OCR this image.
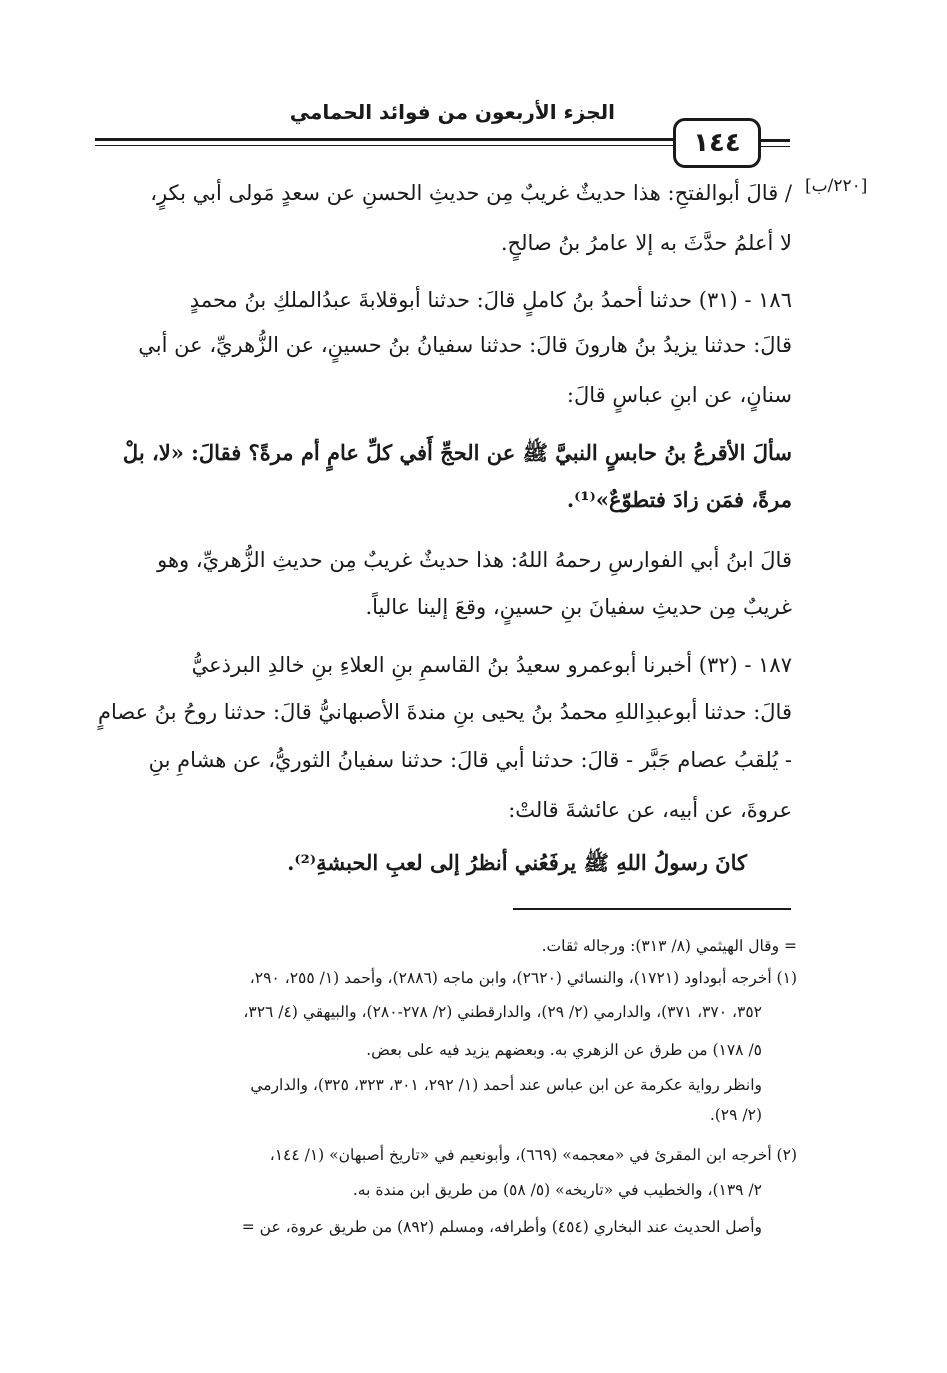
الجزء الأربعون من فوائد الحمامي
١٤٤
[٢٢٠/ب]
/ قالَ أبوالفتحِ: هذا حديثٌ غريبٌ مِن حديثِ الحسنِ عن سعدٍ مَولى أبي بكرٍ،
لا أعلمُ حدَّثَ به إلا عامرُ بنُ صالحٍ.
١٨٦ - (٣١) حدثنا أحمدُ بنُ كاملٍ قالَ: حدثنا أبوقلابةَ عبدُالملكِ بنُ محمدٍ
قالَ: حدثنا يزيدُ بنُ هارونَ قالَ: حدثنا سفيانُ بنُ حسينٍ، عن الزُّهريِّ، عن أبي
سنانٍ، عن ابنِ عباسٍ قالَ:
سألَ الأقرعُ بنُ حابسٍ النبيَّ ﷺ عن الحجِّ أَفي كلِّ عامٍ أم مرةً؟ فقالَ: «لا، بلْ
مرةً، فمَن زادَ فتطوّعٌ»⁽¹⁾.
قالَ ابنُ أبي الفوارسِ رحمهُ اللهُ: هذا حديثٌ غريبٌ مِن حديثِ الزُّهريِّ، وهو
غريبٌ مِن حديثِ سفيانَ بنِ حسينٍ، وقعَ إلينا عالياً.
١٨٧ - (٣٢) أخبرنا أبوعمرو سعيدُ بنُ القاسمِ بنِ العلاءِ بنِ خالدِ البرذعيُّ
قالَ: حدثنا أبوعبدِاللهِ محمدُ بنُ يحيى بنِ مندةَ الأصبهانيُّ قالَ: حدثنا روحُ بنُ عصامٍ
- يُلقبُ عصام جَبَّر - قالَ: حدثنا أبي قالَ: حدثنا سفيانُ الثوريُّ، عن هشامِ بنِ
عروةَ، عن أبيه، عن عائشةَ قالتْ:
كانَ رسولُ اللهِ ﷺ يرفَعُني أنظرُ إلى لعبِ الحبشةِ⁽²⁾.
= وقال الهيثمي (٨/ ٣١٣): ورجاله ثقات.
(١) أخرجه أبوداود (١٧٢١)، والنسائي (٢٦٢٠)، وابن ماجه (٢٨٨٦)، وأحمد (١/ ٢٥٥، ٢٩٠،
٣٥٢، ٣٧٠، ٣٧١)، والدارمي (٢/ ٢٩)، والدارقطني (٢/ ٢٧٨-٢٨٠)، والبيهقي (٤/ ٣٢٦،
٥/ ١٧٨) من طرق عن الزهري به. وبعضهم يزيد فيه على بعض.
وانظر رواية عكرمة عن ابن عباس عند أحمد (١/ ٢٩٢، ٣٠١، ٣٢٣، ٣٢٥)، والدارمي
(٢/ ٢٩).
(٢) أخرجه ابن المقرئ في «معجمه» (٦٦٩)، وأبونعيم في «تاريخ أصبهان» (١/ ١٤٤،
٢/ ١٣٩)، والخطيب في «تاريخه» (٥/ ٥٨) من طريق ابن مندة به.
وأصل الحديث عند البخاري (٤٥٤) وأطرافه، ومسلم (٨٩٢) من طريق عروة، عن =
